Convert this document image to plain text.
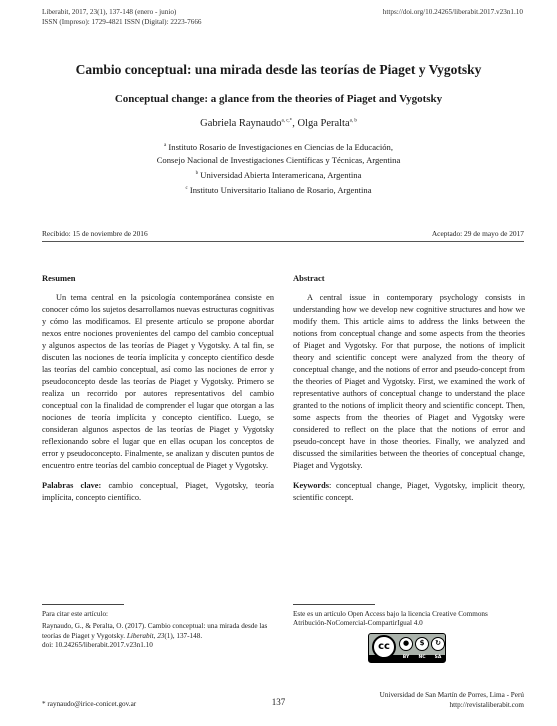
Liberabit, 2017, 23(1), 137-148 (enero - junio)
ISSN (Impreso): 1729-4821 ISSN (Digital): 2223-7666
https://doi.org/10.24265/liberabit.2017.v23n1.10
Cambio conceptual: una mirada desde las teorías de Piaget y Vygotsky
Conceptual change: a glance from the theories of Piaget and Vygotsky
Gabriela Raynaudo$^{a, c,*}$, Olga Peralta$^{a, b}$
$^a$ Instituto Rosario de Investigaciones en Ciencias de la Educación,
Consejo Nacional de Investigaciones Científicas y Técnicas, Argentina
$^b$ Universidad Abierta Interamericana, Argentina
$^c$ Instituto Universitario Italiano de Rosario, Argentina
Recibido: 15 de noviembre de 2016	Aceptado: 29 de mayo de 2017
Resumen

Un tema central en la psicología contemporánea consiste en conocer cómo los sujetos desarrollamos nuevas estructuras cognitivas y cómo las modificamos. El presente artículo se propone abordar nexos entre nociones provenientes del campo del cambio conceptual y algunos aspectos de las teorías de Piaget y Vygotsky. A tal fin, se discuten las nociones de teoría implícita y concepto científico desde las teorías del cambio conceptual, así como las nociones de error y pseudoconcepto desde las teorías de Piaget y Vygotsky. Primero se realiza un recorrido por autores representativos del cambio conceptual con la finalidad de comprender el lugar que otorgan a las nociones de teoría implícita y concepto científico. Luego, se consideran algunos aspectos de las teorías de Piaget y Vygotsky reflexionando sobre el lugar que en ellas ocupan los conceptos de error y pseudoconcepto. Finalmente, se analizan y discuten puntos de encuentro entre teorías del cambio conceptual de Piaget y Vygotsky.

Palabras clave: cambio conceptual, Piaget, Vygotsky, teoría implícita, concepto científico.

Abstract

A central issue in contemporary psychology consists in understanding how we develop new cognitive structures and how we modify them. This article aims to address the links between the notions from conceptual change and some aspects from the theories of Piaget and Vygotsky. For that purpose, the notions of implicit theory and scientific concept were analyzed from the theory of conceptual change, and the notions of error and pseudo-concept from the theories of Piaget and Vygotsky. First, we examined the work of representative authors of conceptual change to understand the place granted to the notions of implicit theory and scientific concept. Then, some aspects from the theories of Piaget and Vygotsky were considered to reflect on the place that the notions of error and pseudo-concept have in those theories. Finally, we analyzed and discussed the similarities between the theories of conceptual change, Piaget and Vygotsky.

Keywords: conceptual change, Piaget, Vygotsky, implicit theory, scientific concept.

Para citar este artículo:
Raynaudo, G., & Peralta, O. (2017). Cambio conceptual: una mirada desde las teorías de Piaget y Vygotsky. Liberabit, 23(1), 137-148.
doi: 10.24265/liberabit.2017.v23n1.10
Este es un artículo Open Access bajo la licencia Creative Commons
Atribución-NoComercial-CompartirIgual 4.0
cc	●	$	↻
BY	NC	SA
* raynaudo@irice-conicet.gov.ar	137
Universidad de San Martín de Porres, Lima - Perú
http://revistaliberabit.com
